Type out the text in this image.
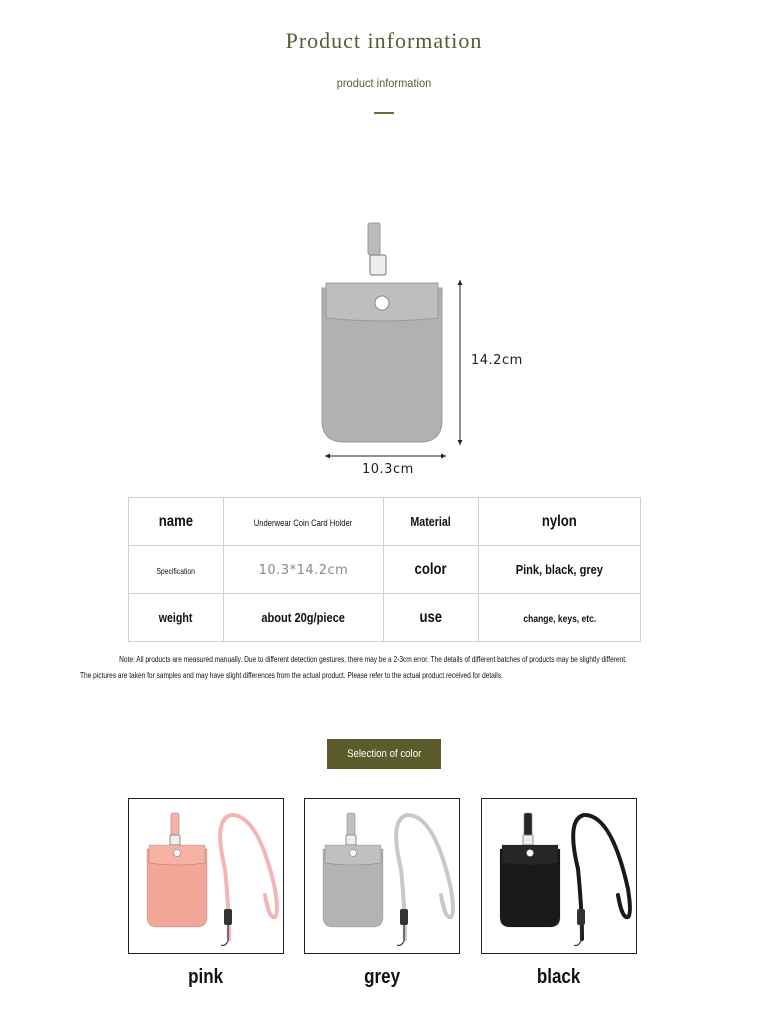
Product information
product information
10.3cm
14.2cm
name	Underwear Coin Card Holder	Material	nylon
Specification	10.3*14.2cm	color	Pink, black, grey
weight	about 20g/piece	use	change, keys, etc.
Note: All products are measured manually. Due to different detection gestures, there may be a 2-3cm error. The details of different batches of products may be slightly different.
The pictures are taken for samples and may have slight differences from the actual product. Please refer to the actual product received for details.
Selection of color
pink	grey	black
